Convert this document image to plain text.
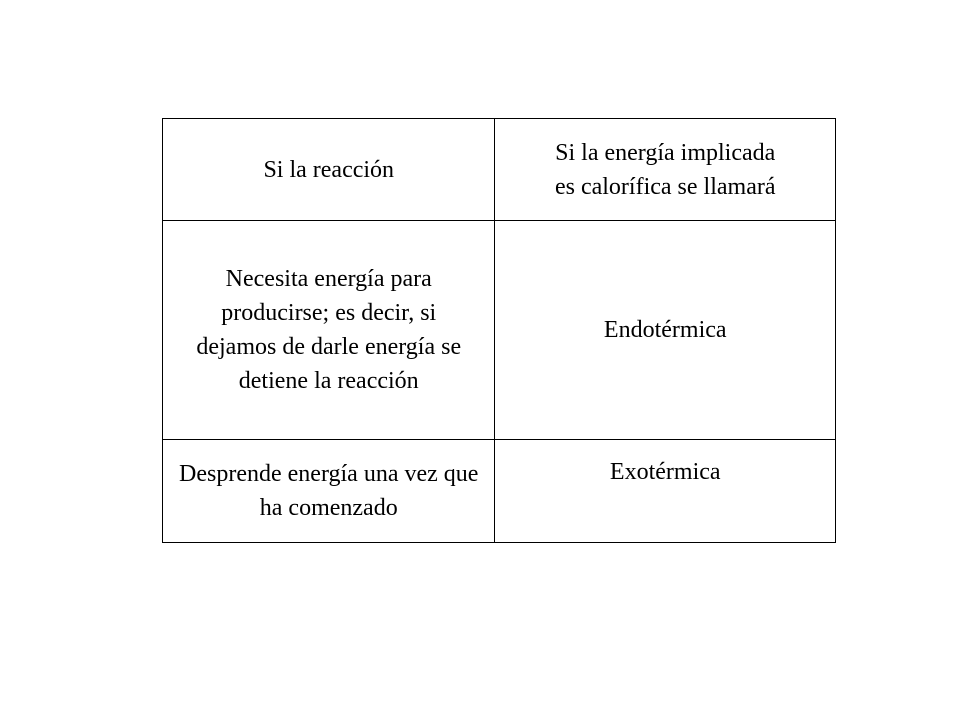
Si la reacción	Si la energía implicada
es calorífica se llamará
Necesita energía para producirse; es decir, si dejamos de darle energía se detiene la reacción	Endotérmica
Desprende energía una vez que ha comenzado	Exotérmica
